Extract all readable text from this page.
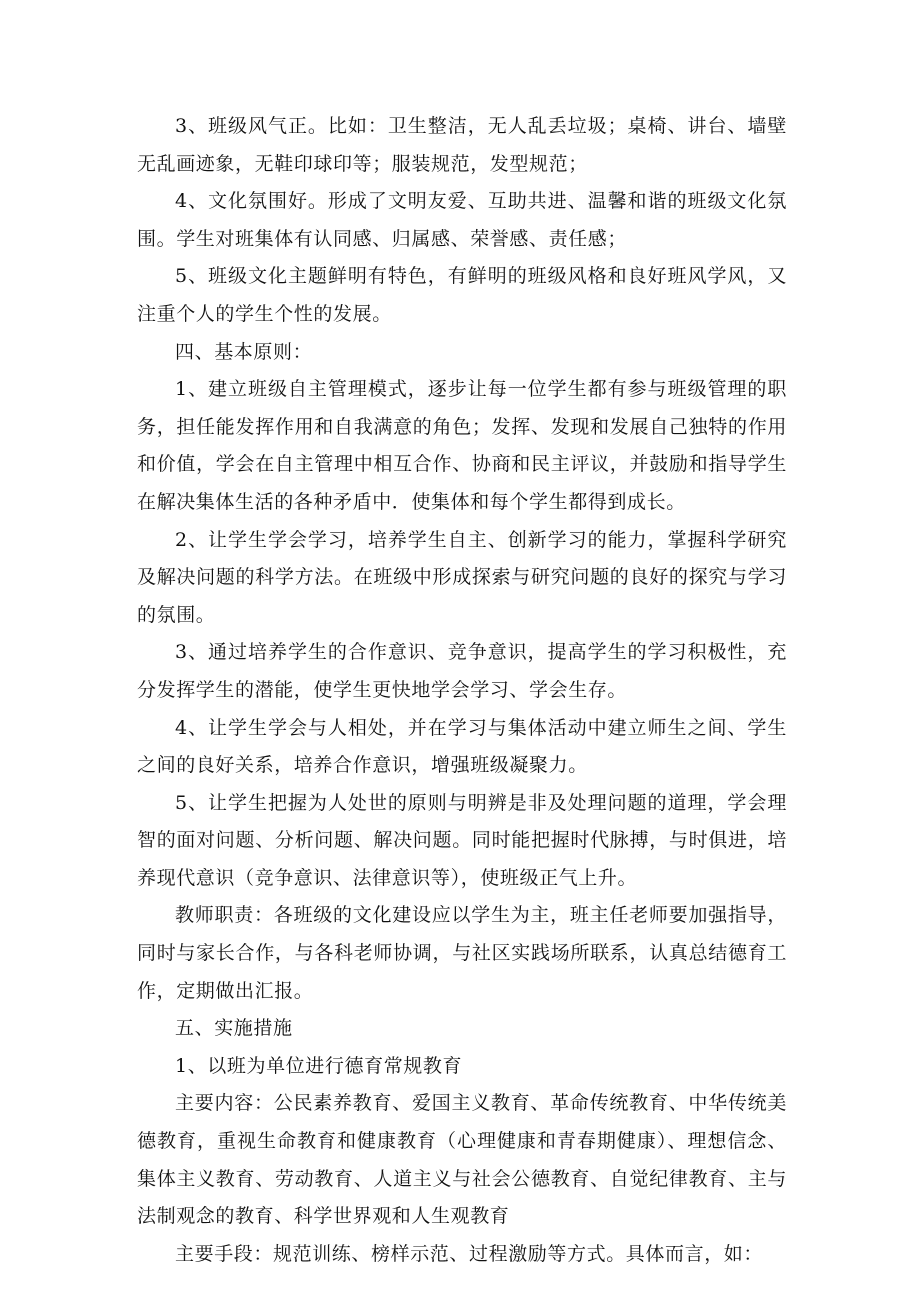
3、班级风气正。比如：卫生整洁，无人乱丢垃圾；桌椅、讲台、墙壁无乱画迹象，无鞋印球印等；服装规范，发型规范；

4、文化氛围好。形成了文明友爱、互助共进、温馨和谐的班级文化氛围。学生对班集体有认同感、归属感、荣誉感、责任感；

5、班级文化主题鲜明有特色，有鲜明的班级风格和良好班风学风，又注重个人的学生个性的发展。

四、基本原则：

1、建立班级自主管理模式，逐步让每一位学生都有参与班级管理的职务，担任能发挥作用和自我满意的角色；发挥、发现和发展自己独特的作用和价值，学会在自主管理中相互合作、协商和民主评议，并鼓励和指导学生在解决集体生活的各种矛盾中．使集体和每个学生都得到成长。

2、让学生学会学习，培养学生自主、创新学习的能力，掌握科学研究及解决问题的科学方法。在班级中形成探索与研究问题的良好的探究与学习的氛围。

3、通过培养学生的合作意识、竞争意识，提高学生的学习积极性，充分发挥学生的潜能，使学生更快地学会学习、学会生存。

4、让学生学会与人相处，并在学习与集体活动中建立师生之间、学生之间的良好关系，培养合作意识，增强班级凝聚力。

5、让学生把握为人处世的原则与明辨是非及处理问题的道理，学会理智的面对问题、分析问题、解决问题。同时能把握时代脉搏，与时俱进，培养现代意识（竞争意识、法律意识等），使班级正气上升。

教师职责：各班级的文化建设应以学生为主，班主任老师要加强指导，同时与家长合作，与各科老师协调，与社区实践场所联系，认真总结德育工作，定期做出汇报。

五、实施措施

1、以班为单位进行德育常规教育

主要内容：公民素养教育、爱国主义教育、革命传统教育、中华传统美德教育，重视生命教育和健康教育（心理健康和青春期健康）、理想信念、集体主义教育、劳动教育、人道主义与社会公德教育、自觉纪律教育、主与法制观念的教育、科学世界观和人生观教育

主要手段：规范训练、榜样示范、过程激励等方式。具体而言，如：
